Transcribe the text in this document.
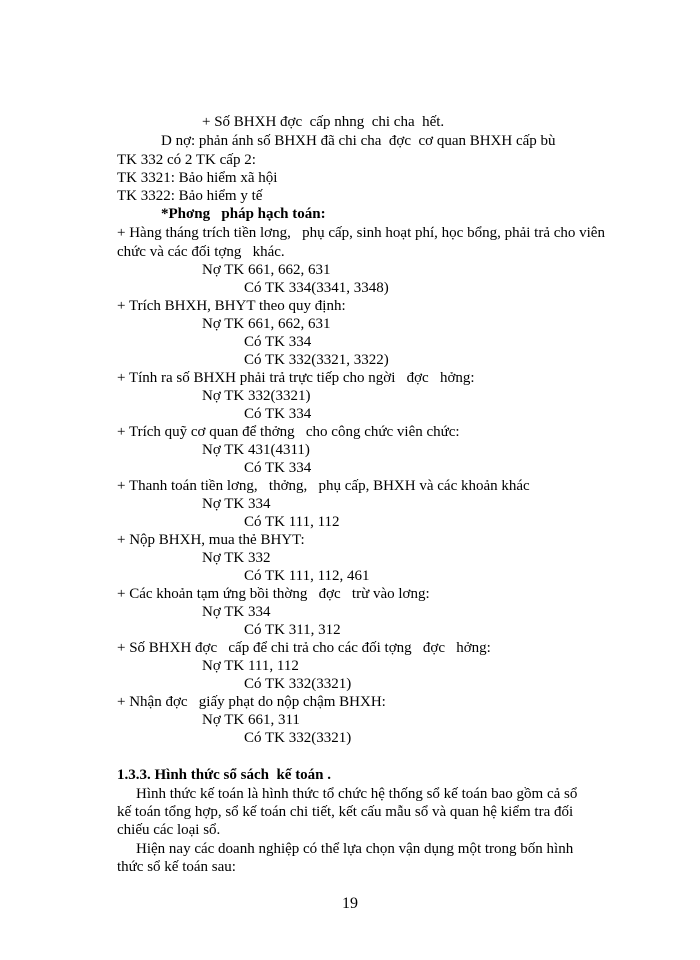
+ Số BHXH đợc  cấp nhng  chi cha  hết.
D nợ: phản ánh số BHXH đã chi cha  đợc  cơ quan BHXH cấp bù
TK 332 có 2 TK cấp 2:
TK 3321: Bảo hiểm xã hội
TK 3322: Bảo hiểm y tế
*Phơng   pháp hạch toán:
+ Hàng tháng trích tiền lơng,   phụ cấp, sinh hoạt phí, học bổng, phải trả cho viên
chức và các đối tợng   khác.
Nợ TK 661, 662, 631
Có TK 334(3341, 3348)
+ Trích BHXH, BHYT theo quy định:
Nợ TK 661, 662, 631
Có TK 334
Có TK 332(3321, 3322)
+ Tính ra số BHXH phải trả trực tiếp cho ngời   đợc   hởng:
Nợ TK 332(3321)
Có TK 334
+ Trích quỹ cơ quan để thởng   cho công chức viên chức:
Nợ TK 431(4311)
Có TK 334
+ Thanh toán tiền lơng,   thởng,   phụ cấp, BHXH và các khoản khác
Nợ TK 334
Có TK 111, 112
+ Nộp BHXH, mua thẻ BHYT:
Nợ TK 332
Có TK 111, 112, 461
+ Các khoản tạm ứng bồi thờng   đợc   trừ vào lơng:
Nợ TK 334
Có TK 311, 312
+ Số BHXH đợc   cấp để chi trả cho các đối tợng   đợc   hởng:
Nợ TK 111, 112
Có TK 332(3321)
+ Nhận đợc   giấy phạt do nộp chậm BHXH:
Nợ TK 661, 311
Có TK 332(3321)
1.3.3. Hình thức sổ sách  kế toán .
Hình thức kế toán là hình thức tổ chức hệ thống sổ kế toán bao gồm cả sổ
kế toán tổng hợp, sổ kế toán chi tiết, kết cấu mẫu sổ và quan hệ kiểm tra đối
chiếu các loại sổ.
Hiện nay các doanh nghiệp có thể lựa chọn vận dụng một trong bốn hình
thức sổ kế toán sau:
19
